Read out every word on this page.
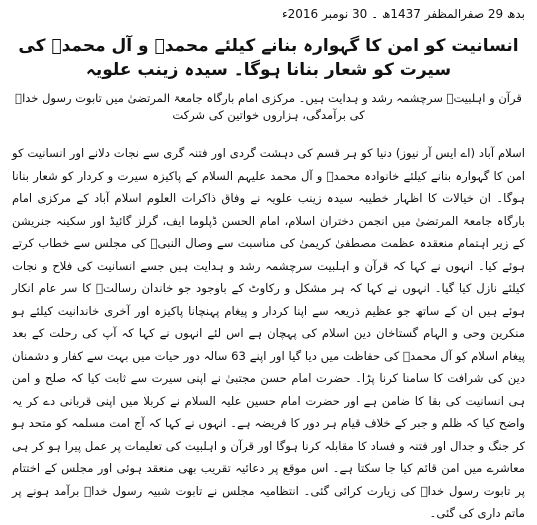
بدھ 29 صفرالمظفر 1437ھ ۔ 30 نومبر 2016ء
انسانیت کو امن کا گہوارہ بنانے کیلئے محمدؐ و آل محمدؐ کی سیرت کو شعار بنانا ہوگا۔ سیدہ زینب علویہ

قرآن و اہلبیتؑ سرچشمہ رشد و ہدایت ہیں۔ مرکزی امام بارگاہ جامعۃ المرتضیٰ میں تابوت رسول خداؐ کی برآمدگی، ہزاروں خواتین کی شرکت

اسلام آباد (اے ایس آر نیوز) دنیا کو ہر قسم کی دہشت گردی اور فتنہ گری سے نجات دلانے اور انسانیت کو امن کا گہوارہ بنانے کیلئے خانوادہ محمدؐ و آل محمد علیہم السلام کے پاکیزہ سیرت و کردار کو شعار بنانا ہوگا۔ ان خیالات کا اظہار خطیبہ سیدہ زینب علویہ نے وفاق ذاکرات العلوم اسلام آباد کے مرکزی امام بارگاہ جامعۃ المرتضیٰ میں انجمن دختران اسلام، امام الحسن ڈپلوما ایف، گرلز گائیڈ اور سکینہ جنریشن کے زیر اہتمام منعقدہ عظمت مصطفیٰ کریمیٰ کی مناسبت سے وصال النبیؐ کی مجلس سے خطاب کرتے ہوئے کیا۔ انہوں نے کہا کہ قرآن و اہلبیت سرچشمہ رشد و ہدایت ہیں جسے انسانیت کی فلاح و نجات کیلئے نازل کیا گیا۔ انہوں نے کہا کہ ہر مشکل و رکاوٹ کے باوجود جو خاندان رسالتؐ کا سر عام انکار ہوئے ہیں ان کے ساتھ جو عظیم ذریعہ سے اپنا کردار و پیغام پہنچانا پاکیزہ اور آخری خاندانیت کیلئے ہو منکرین وحی و الہام گستاخان دین اسلام کی پہچان ہے اس لئے انہوں نے کہا کہ آپ کی رحلت کے بعد پیغام اسلام کو آل محمدؐ کی حفاظت میں دیا گیا اور اپنے 63 سالہ دور حیات میں بہت سے کفار و دشمنان دین کی شرافت کا سامنا کرنا پڑا۔ حضرت امام حسن مجتبیٰ نے اپنی سیرت سے ثابت کیا کہ صلح و امن ہی انسانیت کی بقا کا ضامن ہے اور حضرت امام حسین علیہ السلام نے کربلا میں اپنی قربانی دے کر یہ واضح کیا کہ ظلم و جبر کے خلاف قیام ہر دور کا فریضہ ہے۔ انہوں نے کہا کہ آج امت مسلمہ کو متحد ہو کر جنگ و جدال اور فتنہ و فساد کا مقابلہ کرنا ہوگا اور قرآن و اہلبیت کی تعلیمات پر عمل پیرا ہو کر ہی معاشرے میں امن قائم کیا جا سکتا ہے۔ اس موقع پر دعائیہ تقریب بھی منعقد ہوئی اور مجلس کے اختتام پر تابوت رسول خداؐ کی زیارت کرائی گئی۔ انتظامیہ مجلس نے تابوت شبیہ رسول خداؐ برآمد ہونے پر ماتم داری کی گئی۔
